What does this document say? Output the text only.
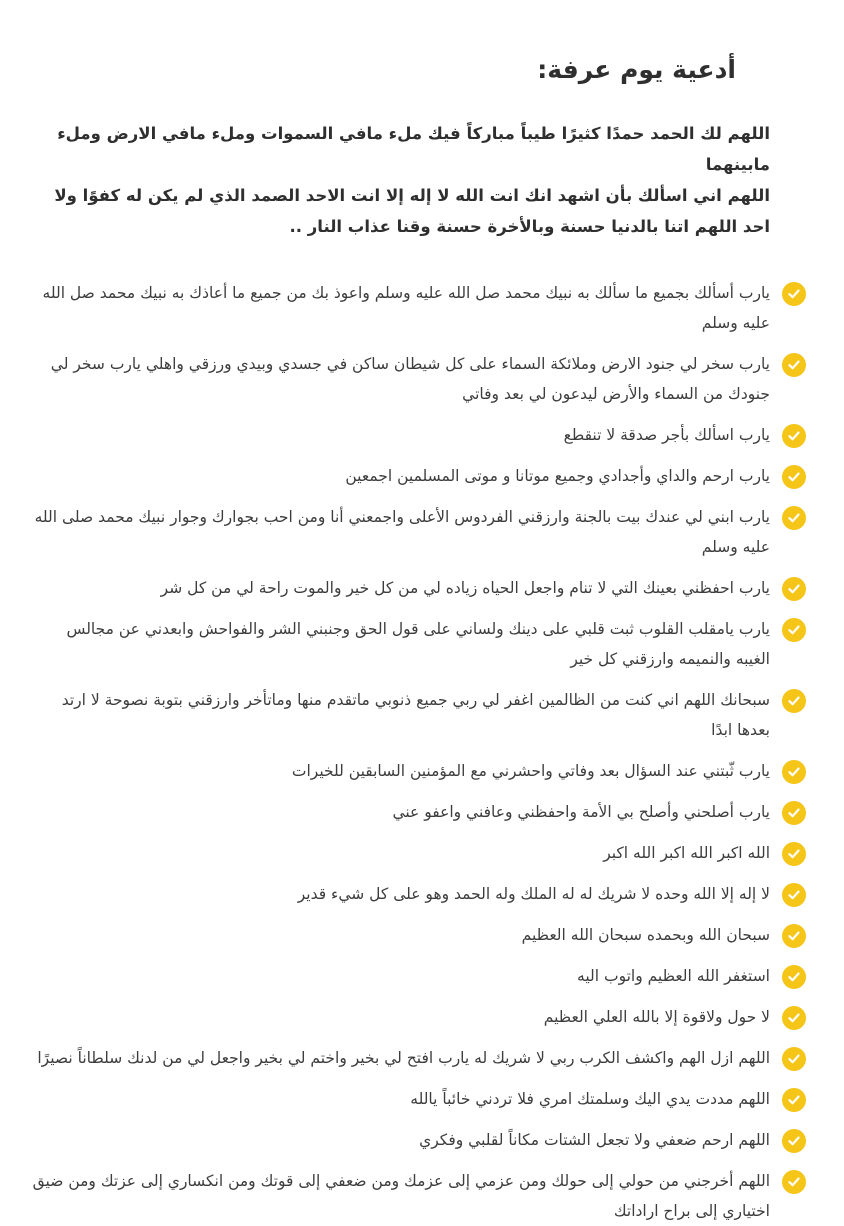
أدعية يوم عرفة:

اللهم لك الحمد حمدًا كثيرًا طيباً مباركاً فيك ملء مافي السموات وملء مافي الارض وملء مابينهما

اللهم اني اسألك بأن اشهد انك انت الله لا إله إلا انت الاحد الصمد الذي لم يكن له كفوًا ولا احد اللهم اتنا بالدنيا حسنة وبالأخرة حسنة وقنا عذاب النار ..

يارب أسألك بجميع ما سألك به نبيك محمد صل الله عليه وسلم واعوذ بك من جميع ما أعاذك به نبيك محمد صل الله عليه وسلم
يارب سخر لي جنود الارض وملائكة السماء على كل شيطان ساكن في جسدي وبيدي ورزقي واهلي يارب سخر لي جنودك من السماء والأرض ليدعون لي بعد وفاتي
يارب اسألك بأجر صدقة لا تنقطع
يارب ارحم والداي وأجدادي وجميع موتانا و موتى المسلمين اجمعين
يارب ابني لي عندك بيت بالجنة وارزقني الفردوس الأعلى واجمعني أنا ومن احب بجوارك وجوار نبيك محمد صلى الله عليه وسلم
يارب احفظني بعينك التي لا تنام واجعل الحياه زياده لي من كل خير والموت راحة لي من كل شر
يارب يامقلب القلوب ثبت قلبي على دينك ولساني على قول الحق وجنبني الشر والفواحش وابعدني عن مجالس الغيبه والنميمه وارزقني كل خير
سبحانك اللهم اني كنت من الظالمين اغفر لي ربي جميع ذنوبي ماتقدم منها وماتأخر وارزقني بتوبة نصوحة لا ارتد بعدها ابدًا
يارب ثّبتني عند السؤال بعد وفاتي واحشرني مع المؤمنين السابقين للخيرات
يارب أصلحني وأصلح بي الأمة واحفظني وعافني واعفو عني
الله اكبر الله اكبر الله اكبر
لا إله إلا الله وحده لا شريك له له الملك وله الحمد وهو على كل شيء قدير
سبحان الله وبحمده سبحان الله العظيم
استغفر الله العظيم واتوب اليه
لا حول ولاقوة إلا بالله العلي العظيم
اللهم ازل الهم واكشف الكرب ربي لا شريك له يارب افتح لي بخير واختم لي بخير واجعل لي من لدنك سلطاناً نصيرًا
اللهم مددت يدي اليك وسلمتك امري فلا تردني خائباً يالله
اللهم ارحم ضعفي ولا تجعل الشتات مكاناً لقلبي وفكري
اللهم أخرجني من حولي إلى حولك ومن عزمي إلى عزمك ومن ضعفي إلى قوتك ومن انكساري إلى عزتك ومن ضيق اختياري إلى براح اراداتك
